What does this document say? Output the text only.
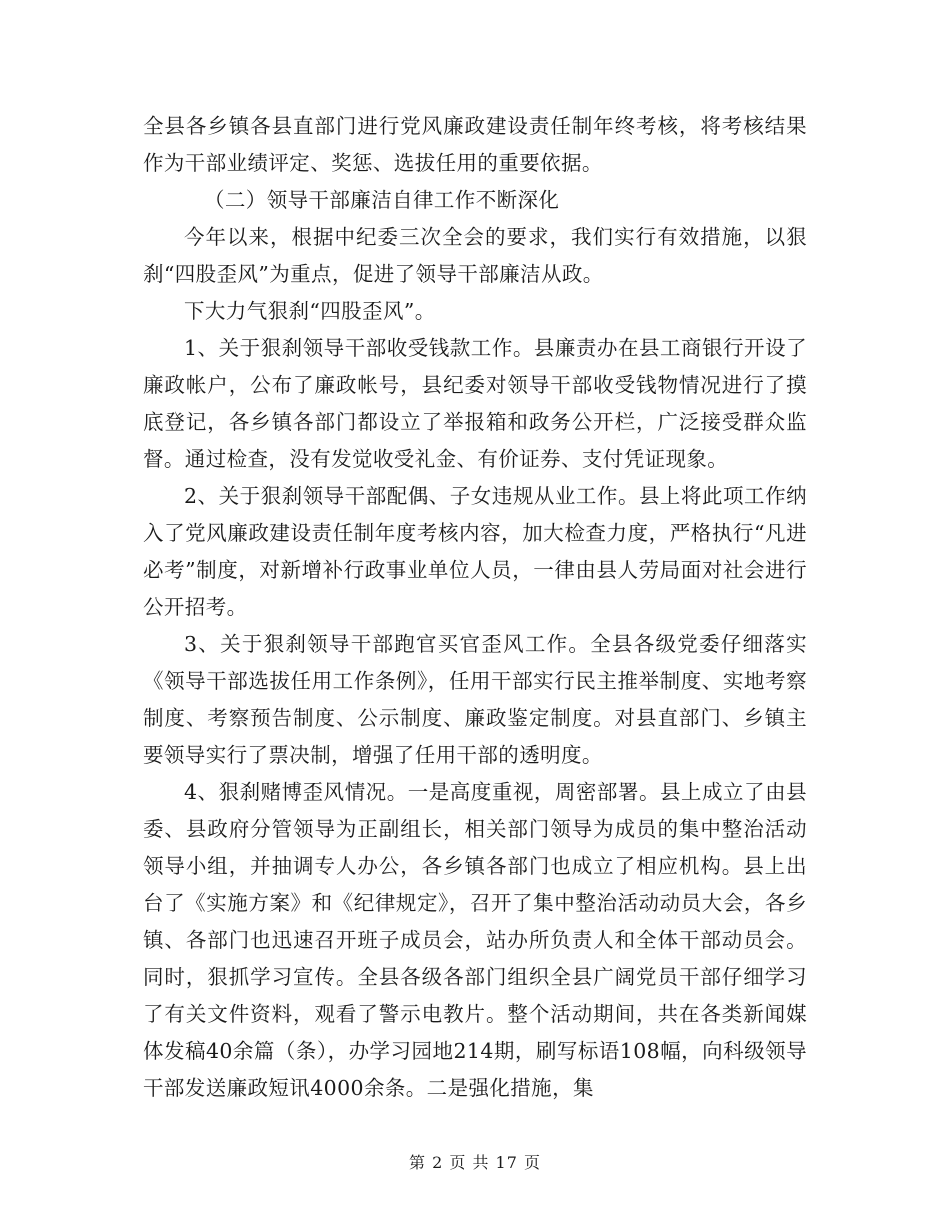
全县各乡镇各县直部门进行党风廉政建设责任制年终考核，将考核结果作为干部业绩评定、奖惩、选拔任用的重要依据。

（二）领导干部廉洁自律工作不断深化

今年以来，根据中纪委三次全会的要求，我们实行有效措施，以狠刹“四股歪风”为重点，促进了领导干部廉洁从政。

下大力气狠刹“四股歪风”。

1、关于狠刹领导干部收受钱款工作。县廉责办在县工商银行开设了廉政帐户，公布了廉政帐号，县纪委对领导干部收受钱物情况进行了摸底登记，各乡镇各部门都设立了举报箱和政务公开栏，广泛接受群众监督。通过检查，没有发觉收受礼金、有价证券、支付凭证现象。

2、关于狠刹领导干部配偶、子女违规从业工作。县上将此项工作纳入了党风廉政建设责任制年度考核内容，加大检查力度，严格执行“凡进必考”制度，对新增补行政事业单位人员，一律由县人劳局面对社会进行公开招考。

3、关于狠刹领导干部跑官买官歪风工作。全县各级党委仔细落实《领导干部选拔任用工作条例》，任用干部实行民主推举制度、实地考察制度、考察预告制度、公示制度、廉政鉴定制度。对县直部门、乡镇主要领导实行了票决制，增强了任用干部的透明度。

4、狠刹赌博歪风情况。一是高度重视，周密部署。县上成立了由县委、县政府分管领导为正副组长，相关部门领导为成员的集中整治活动领导小组，并抽调专人办公，各乡镇各部门也成立了相应机构。县上出台了《实施方案》和《纪律规定》，召开了集中整治活动动员大会，各乡镇、各部门也迅速召开班子成员会，站办所负责人和全体干部动员会。同时，狠抓学习宣传。全县各级各部门组织全县广阔党员干部仔细学习了有关文件资料，观看了警示电教片。整个活动期间，共在各类新闻媒体发稿40余篇（条），办学习园地214期，刷写标语108幅，向科级领导干部发送廉政短讯4000余条。二是强化措施，集

第 2 页 共 17 页
